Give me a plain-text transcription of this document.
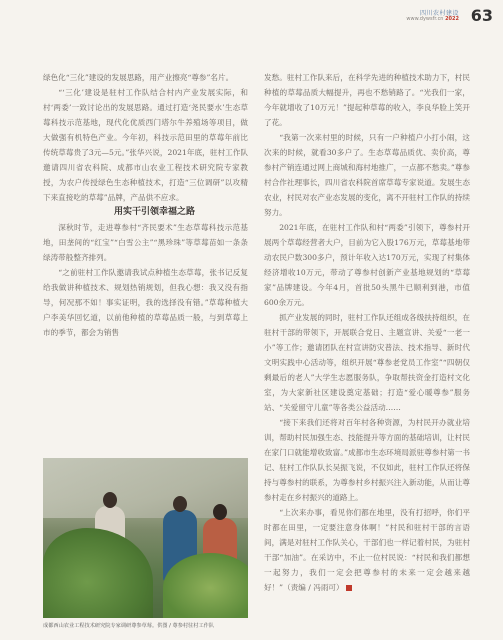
四川农村建设
www.dywsfr.cn 2022 63

绿色化“三化”建设的发展思路，用产业擦亮“尊参”名片。

“‘三化’建设是驻村工作队结合村内产业发展实际，和村‘两委’一致讨论出的发展思路。通过打造‘尧民要水’生态草莓科技示范基地，现代化优质西门塔尔牛养殖场等项目，做大做强有机特色产业。今年初，科技示范田里的草莓年前比传统草莓贵了3元—5元。”张华兴说，2021年底，驻村工作队邀请四川省农科院、成都市山农业工程技术研究院专家教授，为农户传授绿色生态种植技术，打造“三位调研”以攻精下来直接吃的草莓”品牌，产品供不应求。

用实干引领幸福之路

深秋时节，走进尊参村“齐民要术”生态草莓科技示范基地，田垄间的“红宝”“白雪公主”“黑珍珠”等草莓苗如一条条绿涛带般整齐排列。

“之前驻村工作队邀请我试点种植生态草莓，张书记反复给我做讲种植技术、规划热销规划，但我心想：我又没有指导，何况那不如！事实证明，我的选择没有错。”草莓种植大户李美华回忆道，以前他种植的草莓品质一般，与到草莓上市的季节，都会为销售

成都西山农业工程技术研究院专家调研尊参草莓。供图 / 尊参村驻村工作队

发愁。驻村工作队来后，在科学先进的种植技术助力下，村民种植的草莓品质大幅提升，再也不愁销路了。“光我们一家，今年就增收了10万元！”提起种草莓的收入，李良华脸上笑开了花。

“我第一次来村里的时候，只有一户种植户小打小闹，这次来的时候，就看30多户了。生态草莓品质优、卖价高，尊参村产销连通过网上商城和海村地推广，一点都不愁卖。”尊参村合作社理事长，四川省农科院首席草莓专家说道。发展生态农业，村民对农产业态发展的变化，离不开驻村工作队的持续努力。

2021年底，在驻村工作队和村“两委”引领下，尊参村开展两个草莓经营者大户，目前为它入股176万元，草莓基地带动农民户数300多户，预计年收入达170万元，实现了村集体经济增收10万元，带动了尊参村创新产业基地规划的“草莓家”品牌建设。今年4月，首批50头黑牛已顺利到港，市值600余万元。

抓产业发展的同时，驻村工作队还组成各级扶持组织，在驻村干部的带领下，开展联合党日、主题宣讲、关爱“一老一小”等工作；邀请团队在村宣讲防灾普法、技术指导、新时代文明实践中心活动等，组织开展“尊参老党员工作室”“四朝仅剩最后的老人”大学生志愿服务队，争取帮扶资金打造村文化室，为大家新社区建设奠定基础；打造“爱心暖尊参”服务站、“关爱留守儿童”等各类公益活动……

“接下来我们还将对百年村各种资源，为村民开办就业培训，帮助村民加强生态、技能提升等方面的基础培训，让村民在家门口就能增收致富。”成都市生态环境局派驻尊参村第一书记、驻村工作队队长吴振飞说，不仅如此，驻村工作队还将保持与尊参村的联系，为尊参村乡村振兴注入新动能，从而让尊参村走在乡村振兴的道路上。

“上次来办事，看见你们都在地里，没有打招呼，你们平时都在田里，一定要注意身体啊！”村民和驻村干部的言语间，满是对驻村工作队关心，干部们也一样记着村民，为驻村干部“加油”。在采访中，不止一位村民说：“村民和我们都想一起努力，我们一定会把尊参村的未来一定会越来越好！”（责编 / 冯雨可）
